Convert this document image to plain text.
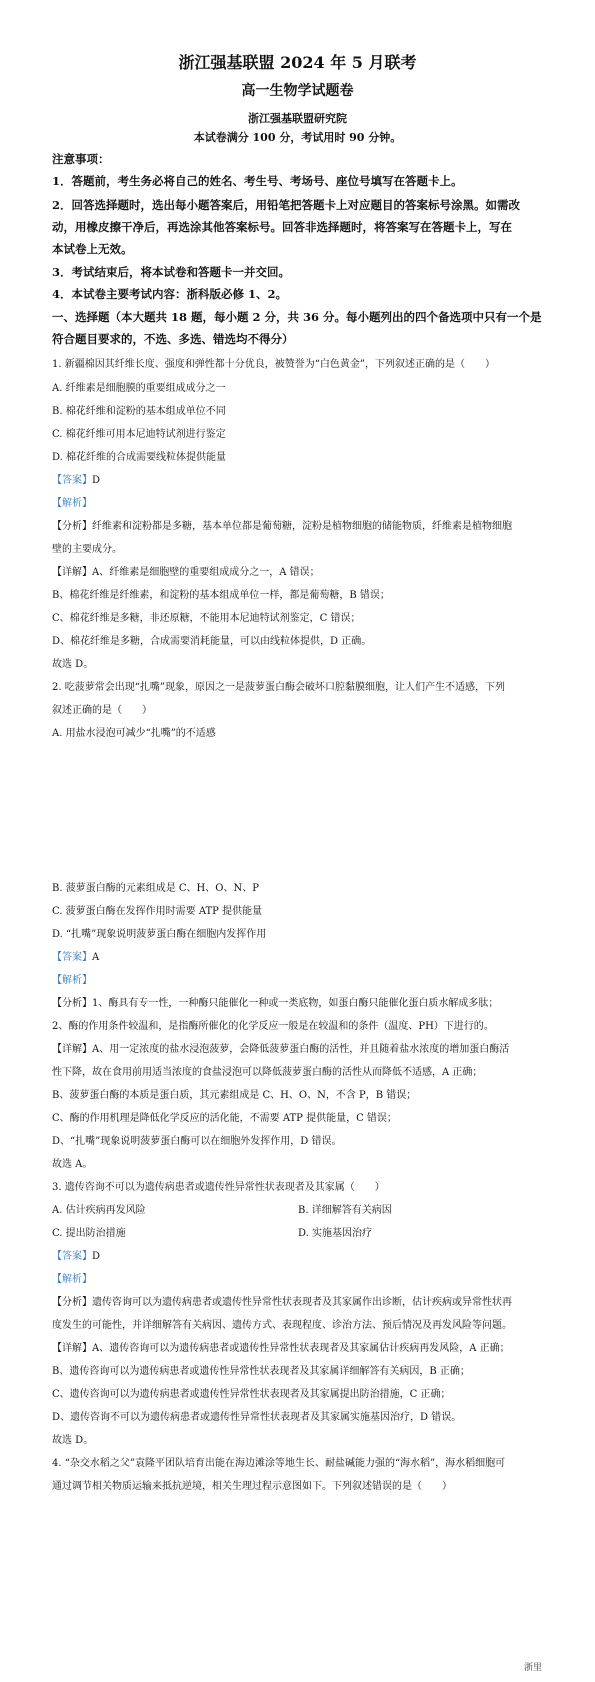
浙江强基联盟 2024 年 5 月联考
高一生物学试题卷
浙江强基联盟研究院
本试卷满分 100 分，考试用时 90 分钟。
注意事项：
1．答题前，考生务必将自己的姓名、考生号、考场号、座位号填写在答题卡上。
2．回答选择题时，选出每小题答案后，用铅笔把答题卡上对应题目的答案标号涂黑。如需改
动，用橡皮擦干净后，再选涂其他答案标号。回答非选择题时，将答案写在答题卡上，写在
本试卷上无效。
3．考试结束后，将本试卷和答题卡一并交回。
4．本试卷主要考试内容：浙科版必修 1、2。
一、选择题（本大题共 18 题，每小题 2 分，共 36 分。每小题列出的四个备选项中只有一个是
符合题目要求的，不选、多选、错选均不得分）
1. 新疆棉因其纤维长度、强度和弹性都十分优良，被赞誉为“白色黄金”，下列叙述正确的是（　　）
A. 纤维素是细胞膜的重要组成成分之一
B. 棉花纤维和淀粉的基本组成单位不同
C. 棉花纤维可用本尼迪特试剂进行鉴定
D. 棉花纤维的合成需要线粒体提供能量
【答案】D
【解析】
【分析】纤维素和淀粉都是多糖，基本单位都是葡萄糖，淀粉是植物细胞的储能物质，纤维素是植物细胞
壁的主要成分。
【详解】A、纤维素是细胞壁的重要组成成分之一，A 错误；
B、棉花纤维是纤维素，和淀粉的基本组成单位一样，都是葡萄糖，B 错误；
C、棉花纤维是多糖，非还原糖，不能用本尼迪特试剂鉴定，C 错误；
D、棉花纤维是多糖，合成需要消耗能量，可以由线粒体提供，D 正确。
故选 D。
2. 吃菠萝常会出现“扎嘴”现象，原因之一是菠萝蛋白酶会破坏口腔黏膜细胞，让人们产生不适感，下列
叙述正确的是（　　）
A. 用盐水浸泡可减少“扎嘴”的不适感
B. 菠萝蛋白酶的元素组成是 C、H、O、N、P
C. 菠萝蛋白酶在发挥作用时需要 ATP 提供能量
D. “扎嘴”现象说明菠萝蛋白酶在细胞内发挥作用
【答案】A
【解析】
【分析】1、酶具有专一性，一种酶只能催化一种或一类底物，如蛋白酶只能催化蛋白质水解成多肽；
2、酶的作用条件较温和，是指酶所催化的化学反应一般是在较温和的条件（温度、PH）下进行的。
【详解】A、用一定浓度的盐水浸泡菠萝，会降低菠萝蛋白酶的活性，并且随着盐水浓度的增加蛋白酶活
性下降，故在食用前用适当浓度的食盐浸泡可以降低菠萝蛋白酶的活性从而降低不适感，A 正确；
B、菠萝蛋白酶的本质是蛋白质，其元素组成是 C、H、O、N，不含 P，B 错误；
C、酶的作用机理是降低化学反应的活化能，不需要 ATP 提供能量，C 错误；
D、“扎嘴”现象说明菠萝蛋白酶可以在细胞外发挥作用，D 错误。
故选 A。
3. 遗传咨询不可以为遗传病患者或遗传性异常性状表现者及其家属（　　）
A. 估计疾病再发风险	B. 详细解答有关病因
C. 提出防治措施	D. 实施基因治疗
【答案】D
【解析】
【分析】遗传咨询可以为遗传病患者或遗传性异常性状表现者及其家属作出诊断，估计疾病或异常性状再
度发生的可能性，并详细解答有关病因、遗传方式、表现程度、诊治方法、预后情况及再发风险等问题。
【详解】A、遗传咨询可以为遗传病患者或遗传性异常性状表现者及其家属估计疾病再发风险，A 正确；
B、遗传咨询可以为遗传病患者或遗传性异常性状表现者及其家属详细解答有关病因，B 正确；
C、遗传咨询可以为遗传病患者或遗传性异常性状表现者及其家属提出防治措施，C 正确；
D、遗传咨询不可以为遗传病患者或遗传性异常性状表现者及其家属实施基因治疗，D 错误。
故选 D。
4. “杂交水稻之父”袁隆平团队培育出能在海边滩涂等地生长、耐盐碱能力强的“海水稻”，海水稻细胞可
通过调节相关物质运输来抵抗逆境，相关生理过程示意图如下。下列叙述错误的是（　　）
浙里
